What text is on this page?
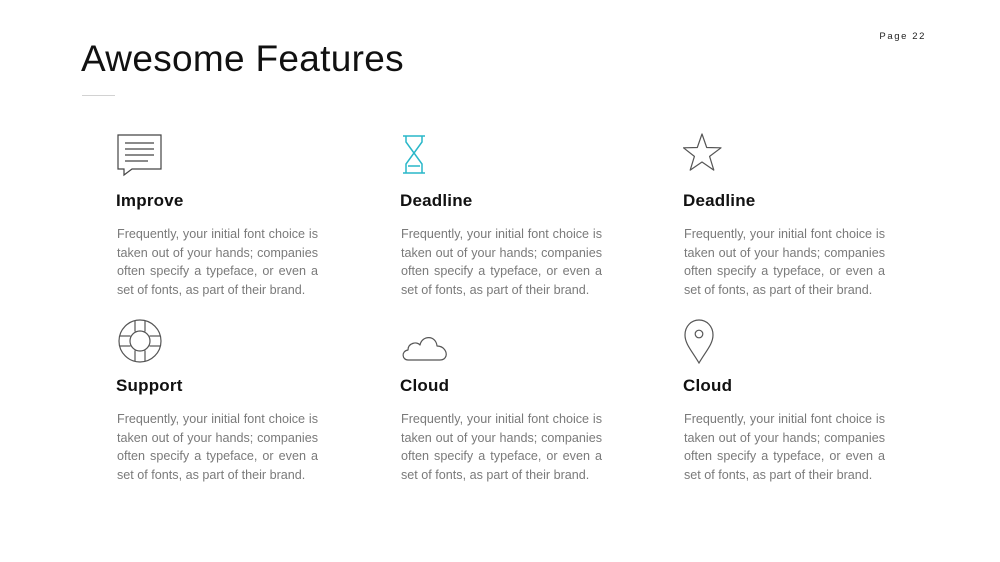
Page 22
Awesome Features
Improve

Frequently, your initial font choice is taken out of your hands; companies often specify a typeface, or even a set of fonts, as part of their brand.

Deadline

Frequently, your initial font choice is taken out of your hands; companies often specify a typeface, or even a set of fonts, as part of their brand.

Deadline

Frequently, your initial font choice is taken out of your hands; companies often specify a typeface, or even a set of fonts, as part of their brand.

Support

Frequently, your initial font choice is taken out of your hands; companies often specify a typeface, or even a set of fonts, as part of their brand.

Cloud

Frequently, your initial font choice is taken out of your hands; companies often specify a typeface, or even a set of fonts, as part of their brand.

Cloud

Frequently, your initial font choice is taken out of your hands; companies often specify a typeface, or even a set of fonts, as part of their brand.
